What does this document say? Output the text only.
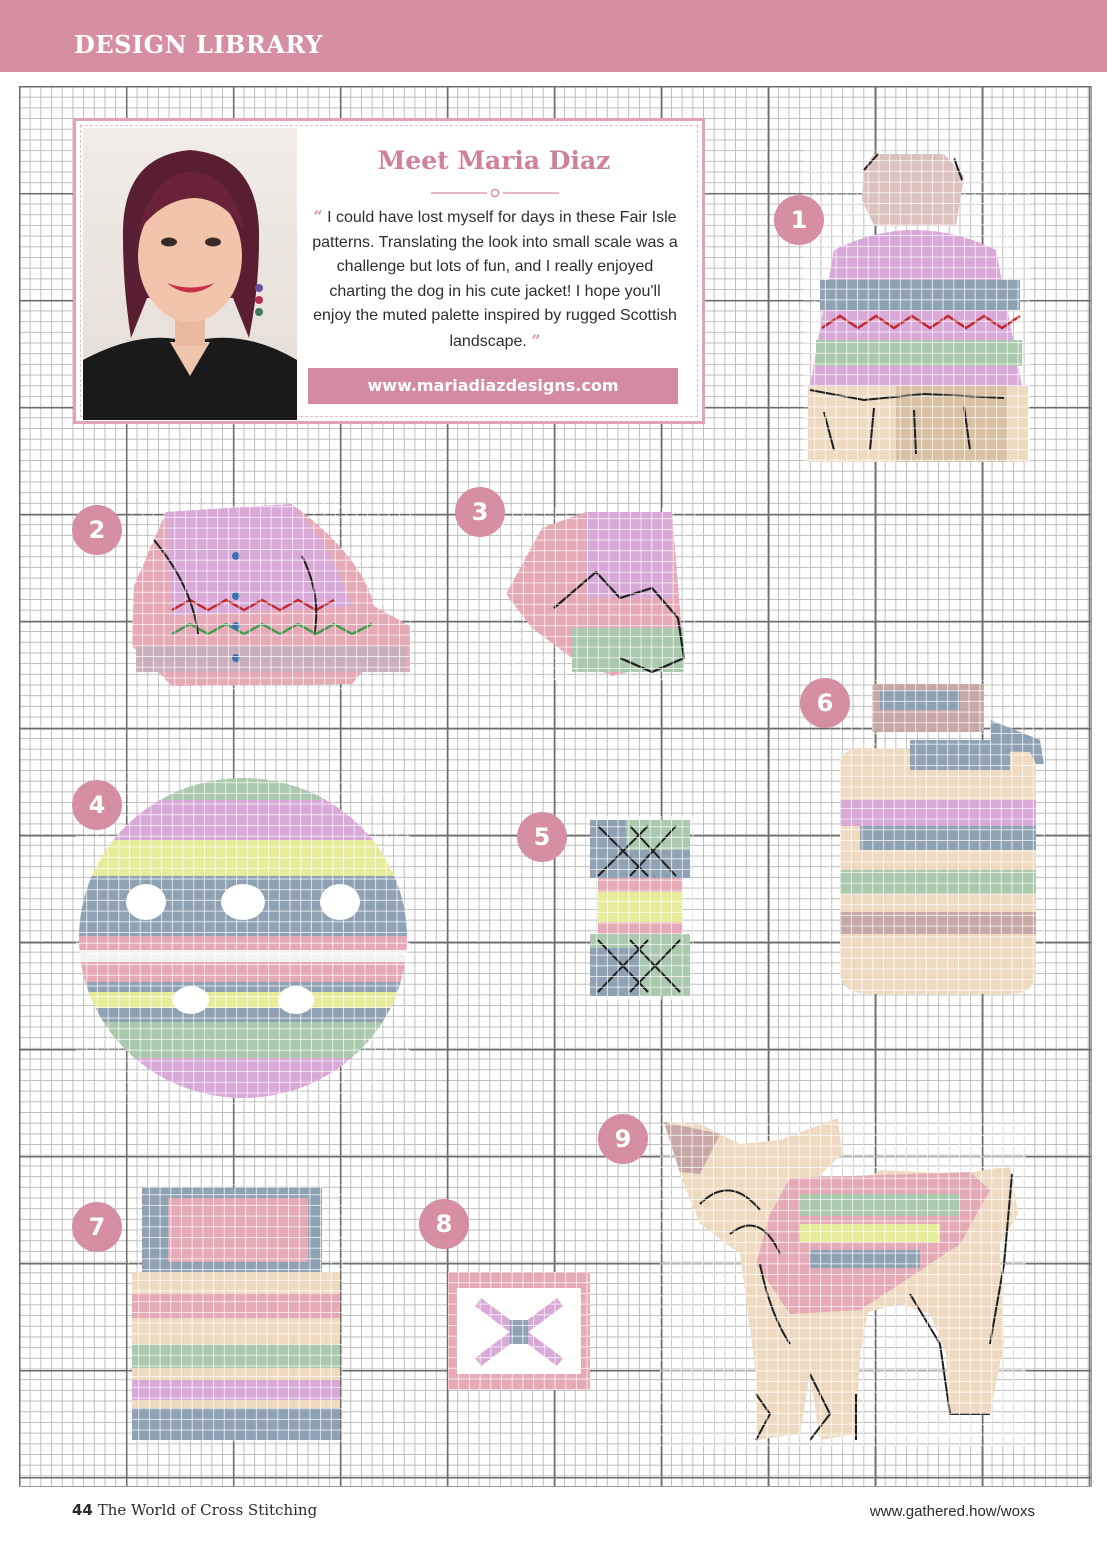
DESIGN LIBRARY
Meet Maria Diaz
“ I could have lost myself for days in these Fair Isle patterns. Translating the look into small scale was a challenge but lots of fun, and I really enjoyed charting the dog in his cute jacket! I hope you'll enjoy the muted palette inspired by rugged Scottish landscape. ”
www.mariadiazdesigns.com
1
2
3
4
5
6
7	8
9
44 The World of Cross Stitching	www.gathered.how/woxs
